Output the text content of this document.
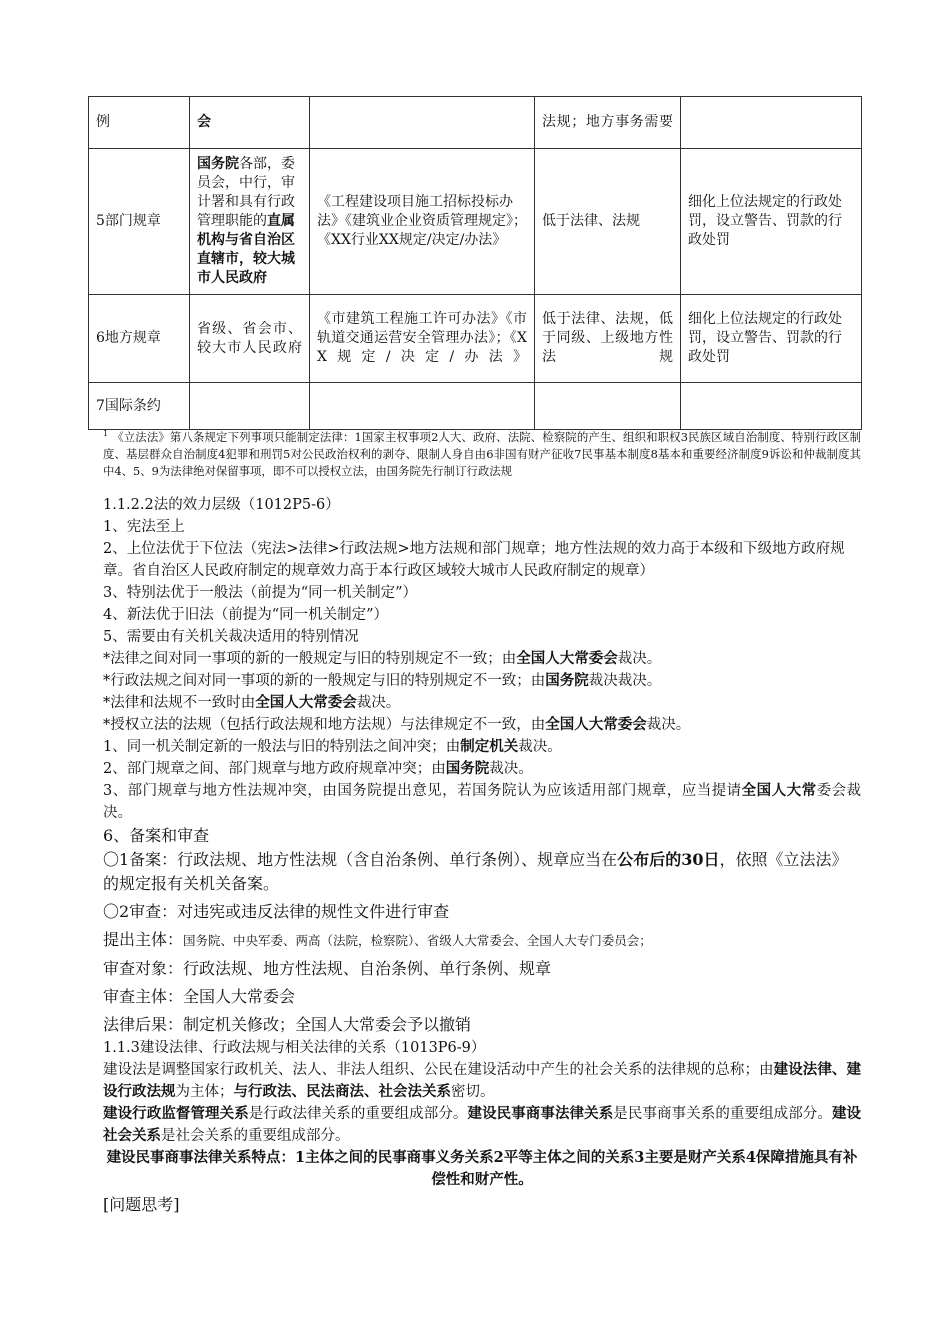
例	会		法规；地方事务需要	
5部门规章	国务院各部，委员会，中行，审计署和具有行政管理职能的直属机构与省自治区直辖市，较大城市人民政府	《工程建设项目施工招标投标办法》《建筑业企业资质管理规定》；《XX行业XX规定/决定/办法》	低于法律、法规	细化上位法规定的行政处罚，设立警告、罚款的行政处罚
6地方规章	省级、省会市、较大市人民政府	《市建筑工程施工许可办法》《市轨道交通运营安全管理办法》；《XX规定/决定/办法》	低于法律、法规，低于同级、上级地方性法规	细化上位法规定的行政处罚，设立警告、罚款的行政处罚
7国际条约				
$^1$ 《立法法》第八条规定下列事项只能制定法律：1国家主权事项2人大、政府、法院、检察院的产生、组织和职权3民族区域自治制度、特别行政区制度、基层群众自治制度4犯罪和刑罚5对公民政治权利的剥夺、限制人身自由6非国有财产征收7民事基本制度8基本和重要经济制度9诉讼和仲裁制度其中4、5、9为法律绝对保留事项，即不可以授权立法，由国务院先行制订行政法规

1.1.2.2法的效力层级（1012P5-6）

1、宪法至上

2、上位法优于下位法（宪法>法律>行政法规>地方法规和部门规章；地方性法规的效力高于本级和下级地方政府规章。省自治区人民政府制定的规章效力高于本行政区域较大城市人民政府制定的规章）

3、特别法优于一般法（前提为“同一机关制定”）

4、新法优于旧法（前提为“同一机关制定”）

5、需要由有关机关裁决适用的特别情况

*法律之间对同一事项的新的一般规定与旧的特别规定不一致；由全国人大常委会裁决。

*行政法规之间对同一事项的新的一般规定与旧的特别规定不一致；由国务院裁决裁决。

*法律和法规不一致时由全国人大常委会裁决。

*授权立法的法规（包括行政法规和地方法规）与法律规定不一致，由全国人大常委会裁决。

1、同一机关制定新的一般法与旧的特别法之间冲突；由制定机关裁决。

2、部门规章之间、部门规章与地方政府规章冲突；由国务院裁决。

3、部门规章与地方性法规冲突，由国务院提出意见，若国务院认为应该适用部门规章，应当提请全国人大常委会裁决。

6、备案和审查

〇1备案：行政法规、地方性法规（含自治条例、单行条例）、规章应当在公布后的30日，依照《立法法》的规定报有关机关备案。

〇2审查：对违宪或违反法律的规性文件进行审查

提出主体：国务院、中央军委、两高（法院，检察院）、省级人大常委会、全国人大专门委员会；

审查对象：行政法规、地方性法规、自治条例、单行条例、规章

审查主体：全国人大常委会

法律后果：制定机关修改；全国人大常委会予以撤销

1.1.3建设法律、行政法规与相关法律的关系（1013P6-9）

建设法是调整国家行政机关、法人、非法人组织、公民在建设活动中产生的社会关系的法律规的总称；由建设法律、建设行政法规为主体；与行政法、民法商法、社会法关系密切。

建设行政监督管理关系是行政法律关系的重要组成部分。建设民事商事法律关系是民事商事关系的重要组成部分。建设社会关系是社会关系的重要组成部分。

建设民事商事法律关系特点：1主体之间的民事商事义务关系2平等主体之间的关系3主要是财产关系4保障措施具有补偿性和财产性。

[问题思考]
